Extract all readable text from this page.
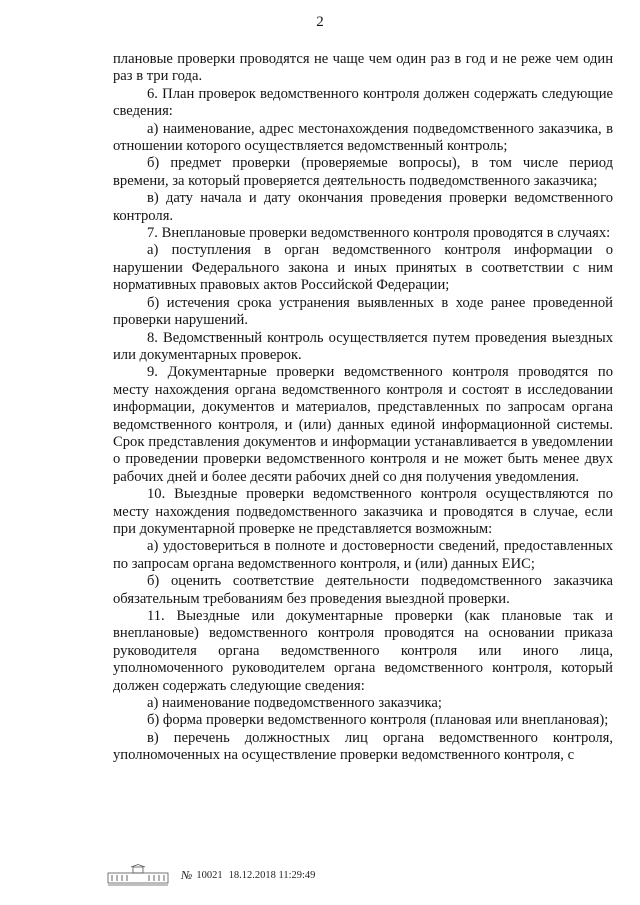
2

плановые проверки проводятся не чаще чем один раз в год и не реже чем один раз в три года.

6. План проверок ведомственного контроля должен содержать следующие сведения:

а) наименование, адрес местонахождения подведомственного заказчика, в отношении которого осуществляется ведомственный контроль;

б) предмет проверки (проверяемые вопросы), в том числе период времени, за который проверяется деятельность подведомственного заказчика;

в) дату начала и дату окончания проведения проверки ведомственного контроля.

7. Внеплановые проверки ведомственного контроля проводятся в случаях:

а) поступления в орган ведомственного контроля информации о нарушении Федерального закона и иных принятых в соответствии с ним нормативных правовых актов Российской Федерации;

б) истечения срока устранения выявленных в ходе ранее проведенной проверки нарушений.

8. Ведомственный контроль осуществляется путем проведения выездных или документарных проверок.

9. Документарные проверки ведомственного контроля проводятся по месту нахождения органа ведомственного контроля и состоят в исследовании информации, документов и материалов, представленных по запросам органа ведомственного контроля, и (или) данных единой информационной системы. Срок представления документов и информации устанавливается в уведомлении о проведении проверки ведомственного контроля и не может быть менее двух рабочих дней и более десяти рабочих дней со дня получения уведомления.

10. Выездные проверки ведомственного контроля осуществляются по месту нахождения подведомственного заказчика и проводятся в случае, если при документарной проверке не представляется возможным:

а) удостовериться в полноте и достоверности сведений, предоставленных по запросам органа ведомственного контроля, и (или) данных ЕИС;

б) оценить соответствие деятельности подведомственного заказчика обязательным требованиям без проведения выездной проверки.

11. Выездные или документарные проверки (как плановые так и внеплановые) ведомственного контроля проводятся на основании приказа руководителя органа ведомственного контроля или иного лица, уполномоченного руководителем органа ведомственного контроля, который должен содержать следующие сведения:

а) наименование подведомственного заказчика;

б) форма проверки ведомственного контроля (плановая или внеплановая);

в) перечень должностных лиц органа ведомственного контроля, уполномоченных на осуществление проверки ведомственного контроля, с

№ 10021 18.12.2018 11:29:49
